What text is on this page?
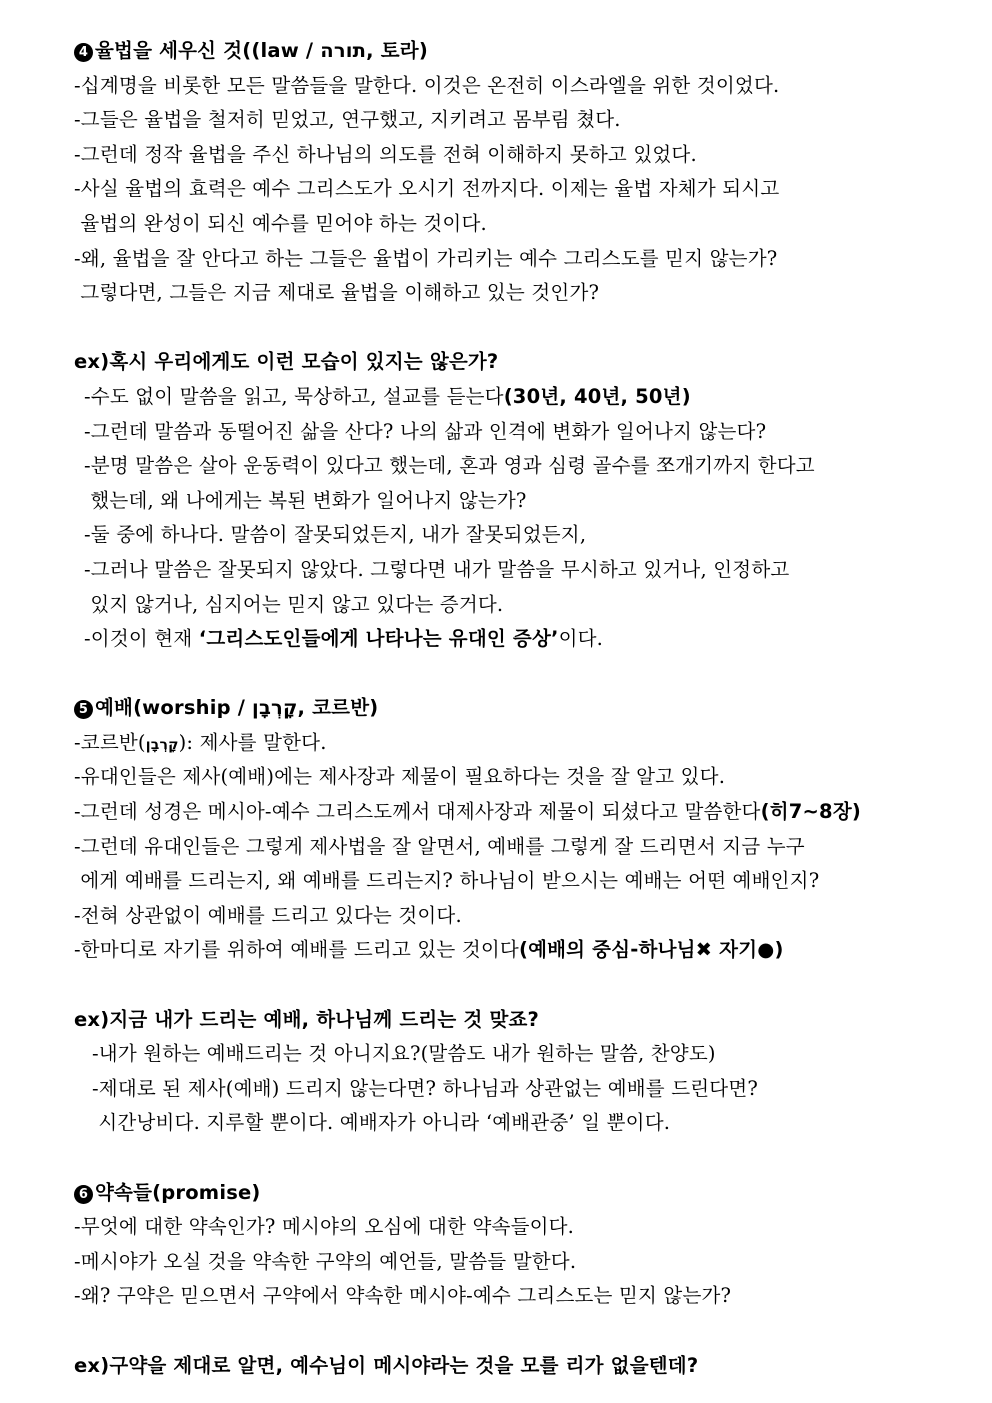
4 율법을 세우신 것((law / תורה, 토라)
-십계명을 비롯한 모든 말씀들을 말한다. 이것은 온전히 이스라엘을 위한 것이었다.
-그들은 율법을 철저히 믿었고, 연구했고, 지키려고 몸부림 쳤다.
-그런데 정작 율법을 주신 하나님의 의도를 전혀 이해하지 못하고 있었다.
-사실 율법의 효력은 예수 그리스도가 오시기 전까지다. 이제는 율법 자체가 되시고
율법의 완성이 되신 예수를 믿어야 하는 것이다.
-왜, 율법을 잘 안다고 하는 그들은 율법이 가리키는 예수 그리스도를 믿지 않는가?
그렇다면, 그들은 지금 제대로 율법을 이해하고 있는 것인가?
ex)혹시 우리에게도 이런 모습이 있지는 않은가?
-수도 없이 말씀을 읽고, 묵상하고, 설교를 듣는다(30년, 40년, 50년)
-그런데 말씀과 동떨어진 삶을 산다? 나의 삶과 인격에 변화가 일어나지 않는다?
-분명 말씀은 살아 운동력이 있다고 했는데, 혼과 영과 심령 골수를 쪼개기까지 한다고
했는데, 왜 나에게는 복된 변화가 일어나지 않는가?
-둘 중에 하나다. 말씀이 잘못되었든지, 내가 잘못되었든지,
-그러나 말씀은 잘못되지 않았다. 그렇다면 내가 말씀을 무시하고 있거나, 인정하고
있지 않거나, 심지어는 믿지 않고 있다는 증거다.
-이것이 현재 ‘그리스도인들에게 나타나는 유대인 증상’이다.
5 예배(worship / קָרְבָן, 코르반)
-코르반(קָרְבָן): 제사를 말한다.
-유대인들은 제사(예배)에는 제사장과 제물이 필요하다는 것을 잘 알고 있다.
-그런데 성경은 메시아-예수 그리스도께서 대제사장과 제물이 되셨다고 말씀한다(히7~8장)
-그런데 유대인들은 그렇게 제사법을 잘 알면서, 예배를 그렇게 잘 드리면서 지금 누구
에게 예배를 드리는지, 왜 예배를 드리는지? 하나님이 받으시는 예배는 어떤 예배인지?
-전혀 상관없이 예배를 드리고 있다는 것이다.
-한마디로 자기를 위하여 예배를 드리고 있는 것이다(예배의 중심-하나님✖ 자기●)
ex)지금 내가 드리는 예배, 하나님께 드리는 것 맞죠?
-내가 원하는 예배드리는 것 아니지요?(말씀도 내가 원하는 말씀, 찬양도)
-제대로 된 제사(예배) 드리지 않는다면? 하나님과 상관없는 예배를 드린다면?
시간낭비다. 지루할 뿐이다. 예배자가 아니라 ‘예배관중’ 일 뿐이다.
6 약속들(promise)
-무엇에 대한 약속인가? 메시야의 오심에 대한 약속들이다.
-메시야가 오실 것을 약속한 구약의 예언들, 말씀들 말한다.
-왜? 구약은 믿으면서 구약에서 약속한 메시야-예수 그리스도는 믿지 않는가?
ex)구약을 제대로 알면, 예수님이 메시야라는 것을 모를 리가 없을텐데?
